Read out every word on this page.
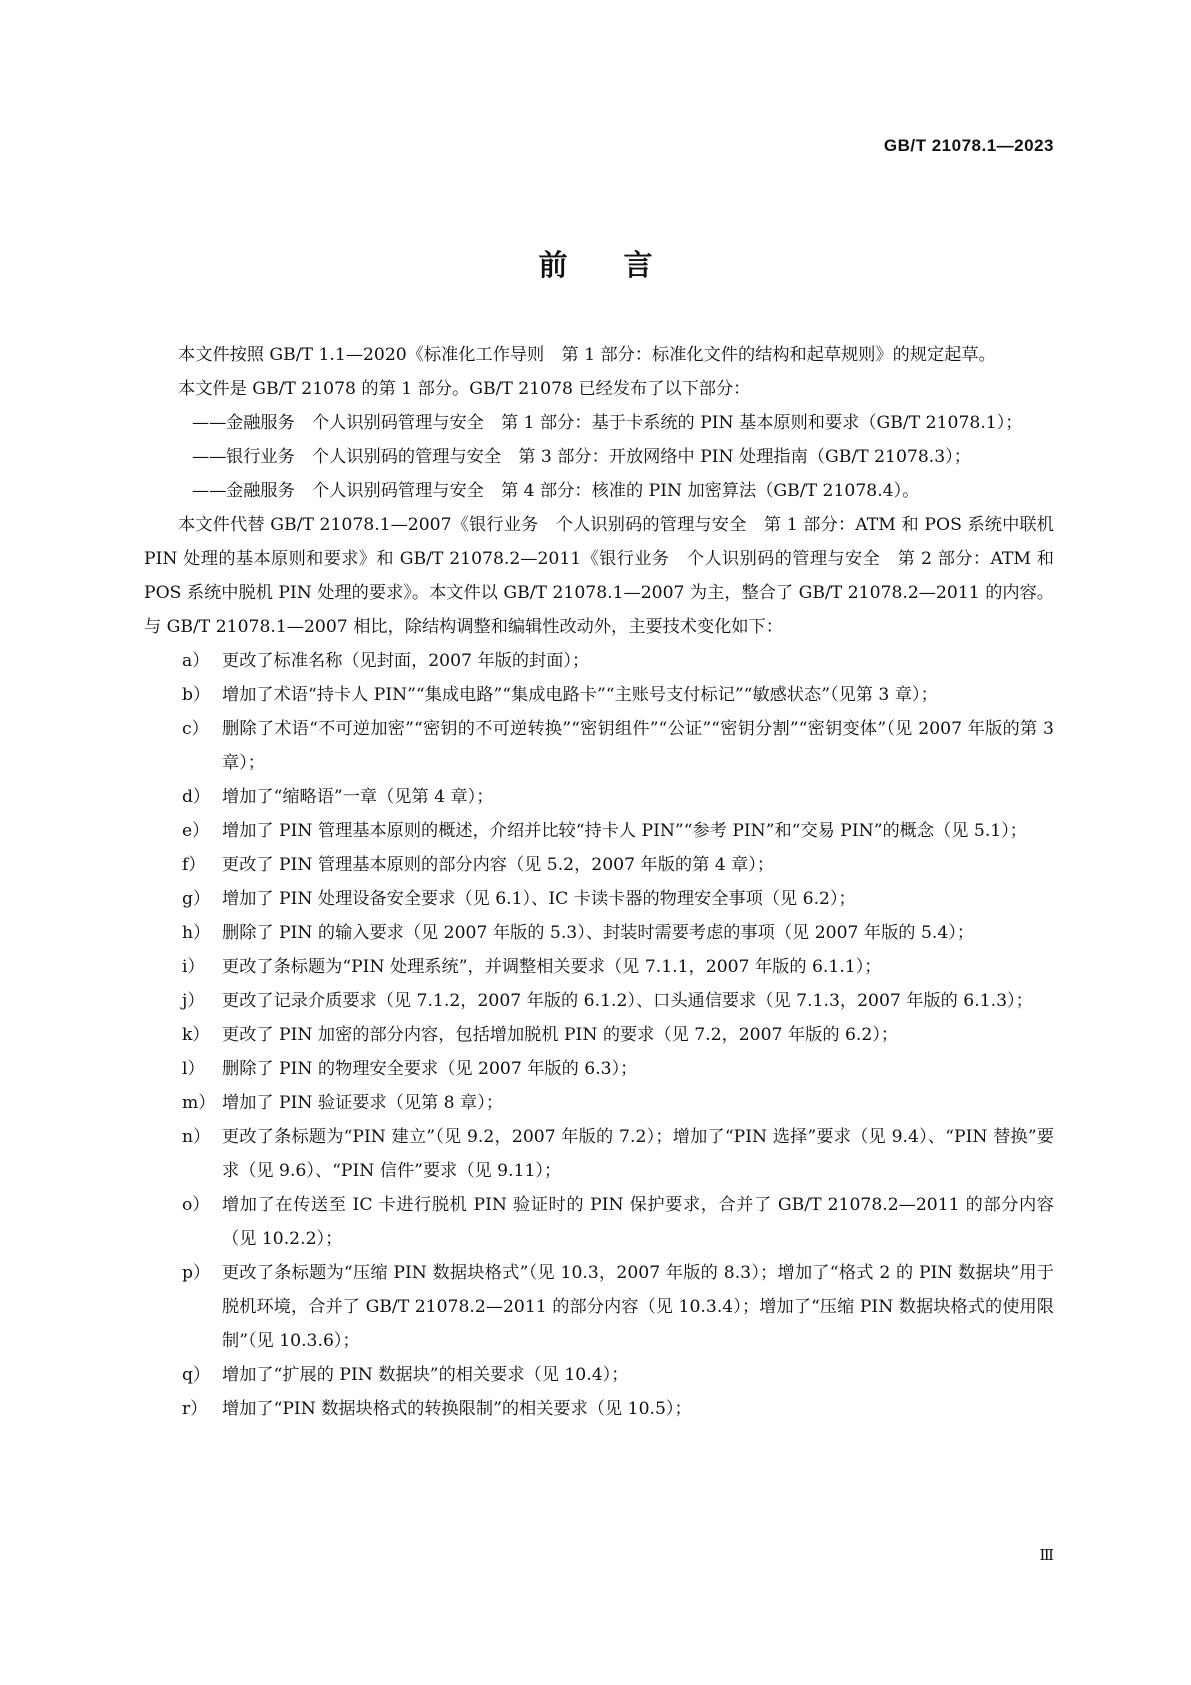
GB/T 21078.1—2023
前言

本文件按照 GB/T 1.1—2020《标准化工作导则　第 1 部分：标准化文件的结构和起草规则》的规定起草。

本文件是 GB/T 21078 的第 1 部分。GB/T 21078 已经发布了以下部分：

——金融服务　个人识别码管理与安全　第 1 部分：基于卡系统的 PIN 基本原则和要求（GB/T 21078.1）；

——银行业务　个人识别码的管理与安全　第 3 部分：开放网络中 PIN 处理指南（GB/T 21078.3）；

——金融服务　个人识别码管理与安全　第 4 部分：核准的 PIN 加密算法（GB/T 21078.4）。

本文件代替 GB/T 21078.1—2007《银行业务　个人识别码的管理与安全　第 1 部分：ATM 和 POS 系统中联机 PIN 处理的基本原则和要求》和 GB/T 21078.2—2011《银行业务　个人识别码的管理与安全　第 2 部分：ATM 和 POS 系统中脱机 PIN 处理的要求》。本文件以 GB/T 21078.1—2007 为主，整合了 GB/T 21078.2—2011 的内容。与 GB/T 21078.1—2007 相比，除结构调整和编辑性改动外，主要技术变化如下：

a） 更改了标准名称（见封面，2007 年版的封面）；

b） 增加了术语“持卡人 PIN”“集成电路”“集成电路卡”“主账号支付标记”“敏感状态”（见第 3 章）；

c） 删除了术语“不可逆加密”“密钥的不可逆转换”“密钥组件”“公证”“密钥分割”“密钥变体”（见 2007 年版的第 3 章）；

d） 增加了“缩略语”一章（见第 4 章）；

e） 增加了 PIN 管理基本原则的概述，介绍并比较“持卡人 PIN”“参考 PIN”和“交易 PIN”的概念（见 5.1）；

f） 更改了 PIN 管理基本原则的部分内容（见 5.2，2007 年版的第 4 章）；

g） 增加了 PIN 处理设备安全要求（见 6.1）、IC 卡读卡器的物理安全事项（见 6.2）；

h） 删除了 PIN 的输入要求（见 2007 年版的 5.3）、封装时需要考虑的事项（见 2007 年版的 5.4）；

i） 更改了条标题为“PIN 处理系统”，并调整相关要求（见 7.1.1，2007 年版的 6.1.1）；

j） 更改了记录介质要求（见 7.1.2，2007 年版的 6.1.2）、口头通信要求（见 7.1.3，2007 年版的 6.1.3）；

k） 更改了 PIN 加密的部分内容，包括增加脱机 PIN 的要求（见 7.2，2007 年版的 6.2）；

l） 删除了 PIN 的物理安全要求（见 2007 年版的 6.3）；

m） 增加了 PIN 验证要求（见第 8 章）；

n） 更改了条标题为“PIN 建立”（见 9.2，2007 年版的 7.2）；增加了“PIN 选择”要求（见 9.4）、“PIN 替换”要求（见 9.6）、“PIN 信件”要求（见 9.11）；

o） 增加了在传送至 IC 卡进行脱机 PIN 验证时的 PIN 保护要求，合并了 GB/T 21078.2—2011 的部分内容（见 10.2.2）；

p） 更改了条标题为“压缩 PIN 数据块格式”（见 10.3，2007 年版的 8.3）；增加了“格式 2 的 PIN 数据块”用于脱机环境，合并了 GB/T 21078.2—2011 的部分内容（见 10.3.4）；增加了“压缩 PIN 数据块格式的使用限制”（见 10.3.6）；

q） 增加了“扩展的 PIN 数据块”的相关要求（见 10.4）；

r） 增加了“PIN 数据块格式的转换限制”的相关要求（见 10.5）；

Ⅲ
